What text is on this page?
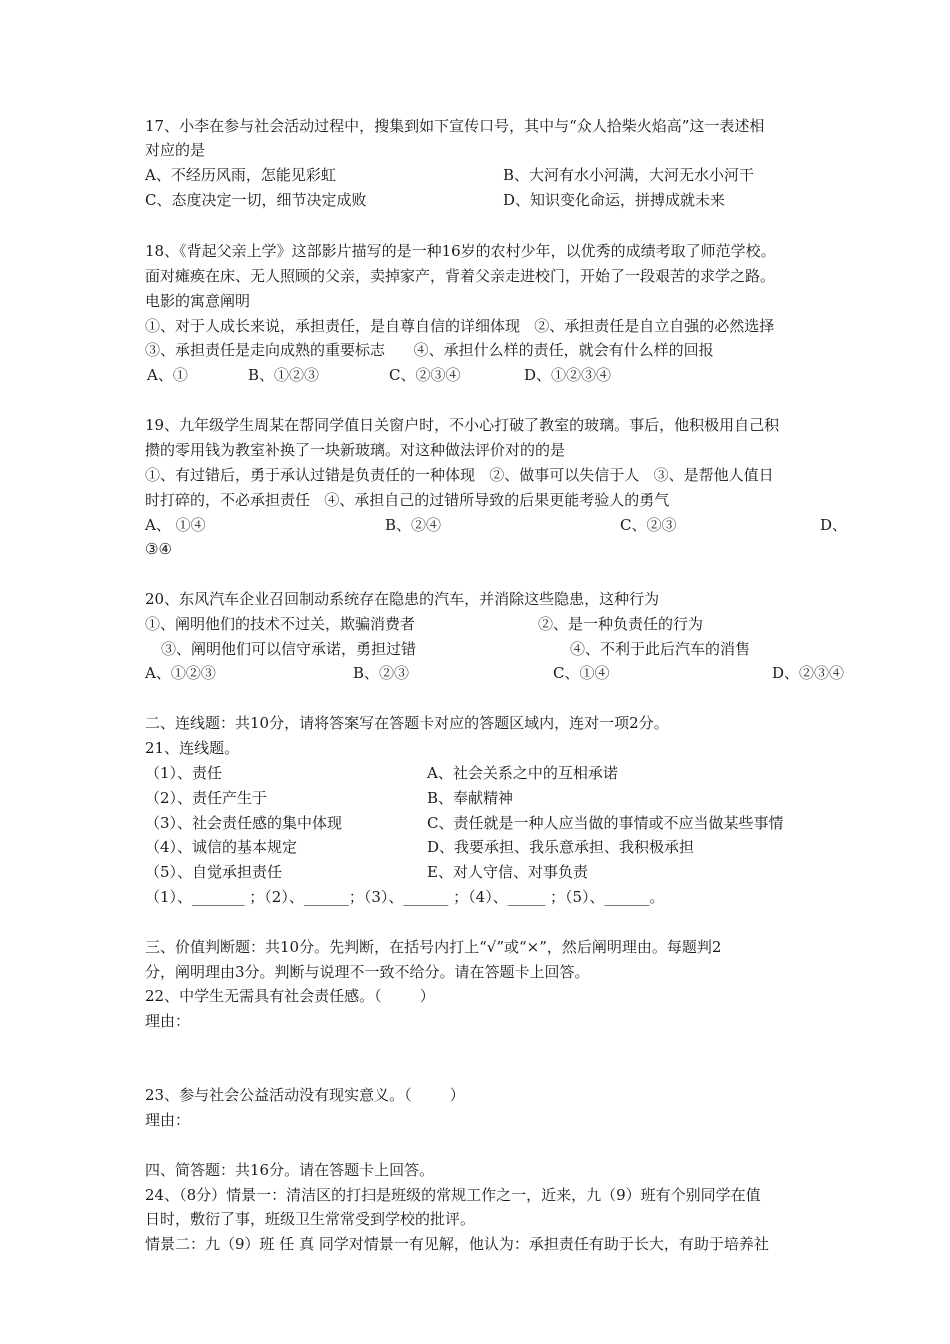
17、小李在参与社会活动过程中，搜集到如下宣传口号，其中与“众人拾柴火焰高”这一表述相
对应的是
A、不经历风雨，怎能见彩虹	B、大河有水小河满，大河无水小河干
C、态度决定一切，细节决定成败	D、知识变化命运，拼搏成就未来
18、《背起父亲上学》这部影片描写的是一种16岁的农村少年，以优秀的成绩考取了师范学校。
面对瘫痪在床、无人照顾的父亲，卖掉家产，背着父亲走进校门，开始了一段艰苦的求学之路。
电影的寓意阐明
①、对于人成长来说，承担责任，是自尊自信的详细体现   ②、承担责任是自立自强的必然选择
③、承担责任是走向成熟的重要标志      ④、承担什么样的责任，就会有什么样的回报
A、①	B、①②③	C、②③④	D、①②③④
19、九年级学生周某在帮同学值日关窗户时，不小心打破了教室的玻璃。事后，他积极用自己积
攒的零用钱为教室补换了一块新玻璃。对这种做法评价对的的是
①、有过错后，勇于承认过错是负责任的一种体现   ②、做事可以失信于人   ③、是帮他人值日
时打碎的，不必承担责任   ④、承担自己的过错所导致的后果更能考验人的勇气
A、 ①④	B、②④	C、②③	D、
③④
20、东风汽车企业召回制动系统存在隐患的汽车，并消除这些隐患，这种行为
①、阐明他们的技术不过关，欺骗消费者	②、是一种负责任的行为
③、阐明他们可以信守承诺，勇担过错	④、不利于此后汽车的消售
A、①②③	B、②③	C、①④	D、②③④
二、连线题：共10分，请将答案写在答题卡对应的答题区域内，连对一项2分。
21、连线题。
（1）、责任	A、社会关系之中的互相承诺
（2）、责任产生于	B、奉献精神
（3）、社会责任感的集中体现	C、责任就是一种人应当做的事情或不应当做某些事情
（4）、诚信的基本规定	D、我要承担、我乐意承担、我积极承担
（5）、自觉承担责任	E、对人守信、对事负责
（1）、_______ ；（2）、______；（3）、______ ；（4）、_____ ；（5）、______。
三、价值判断题：共10分。先判断，在括号内打上“√”或“×”，然后阐明理由。每题判2
分，阐明理由3分。判断与说理不一致不给分。请在答题卡上回答。
22、中学生无需具有社会责任感。（        ）
理由：
23、参与社会公益活动没有现实意义。（        ）
理由：
四、简答题：共16分。请在答题卡上回答。
24、（8分）情景一：清洁区的打扫是班级的常规工作之一，近来，九（9）班有个别同学在值
日时，敷衍了事，班级卫生常常受到学校的批评。
情景二：九（9）班 任 真 同学对情景一有见解，他认为：承担责任有助于长大，有助于培养社
